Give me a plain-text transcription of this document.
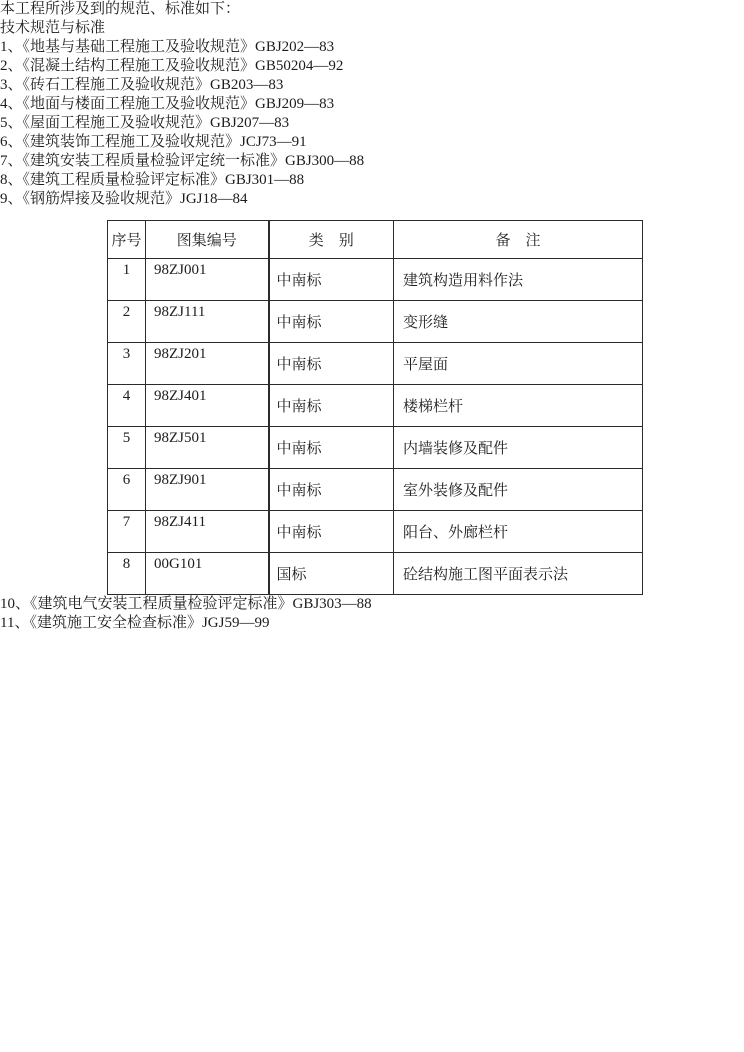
本工程所涉及到的规范、标准如下：

技术规范与标准

1、《地基与基础工程施工及验收规范》GBJ202—83

2、《混凝土结构工程施工及验收规范》GB50204—92

3、《砖石工程施工及验收规范》GB203—83

4、《地面与楼面工程施工及验收规范》GBJ209—83

5、《屋面工程施工及验收规范》GBJ207—83

6、《建筑装饰工程施工及验收规范》JCJ73—91

7、《建筑安装工程质量检验评定统一标准》GBJ300—88

8、《建筑工程质量检验评定标准》GBJ301—88

9、《钢筋焊接及验收规范》JGJ18—84

序号	图集编号	类　别	备　注
1	98ZJ001	中南标	建筑构造用料作法
2	98ZJ111	中南标	变形缝
3	98ZJ201	中南标	平屋面
4	98ZJ401	中南标	楼梯栏杆
5	98ZJ501	中南标	内墙装修及配件
6	98ZJ901	中南标	室外装修及配件
7	98ZJ411	中南标	阳台、外廊栏杆
8	00G101	国标	砼结构施工图平面表示法

10、《建筑电气安装工程质量检验评定标准》GBJ303—88

11、《建筑施工安全检查标准》JGJ59—99
